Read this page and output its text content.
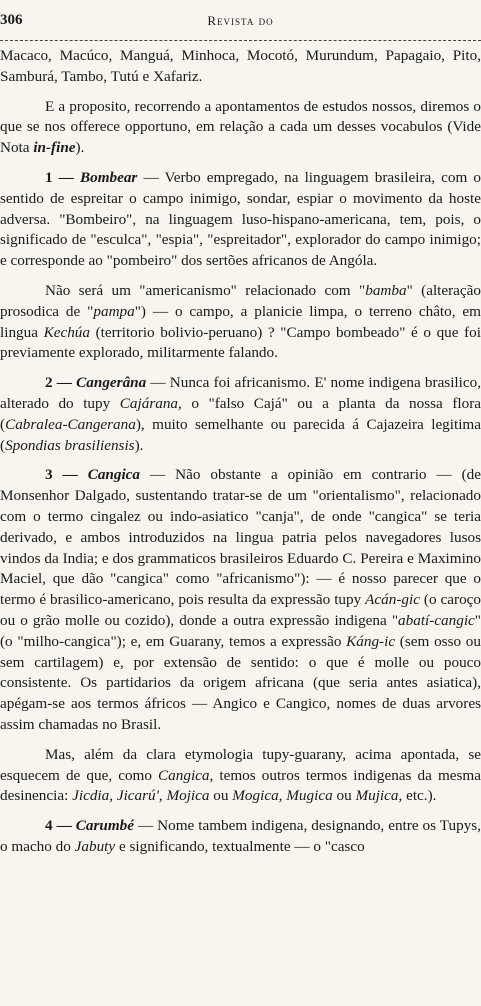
306	Revista do

Macaco, Macúco, Manguá, Minhoca, Mocotó, Murundum, Papagaio, Pito, Samburá, Tambo, Tutú e Xafariz.

E a proposito, recorrendo a apontamentos de estudos nossos, diremos o que se nos offerece opportuno, em relação a cada um desses vocabulos (Vide Nota in-fine).

1 — Bombear — Verbo empregado, na linguagem brasileira, com o sentido de espreitar o campo inimigo, sondar, espiar o movimento da hoste adversa. "Bombeiro", na linguagem luso-hispano-americana, tem, pois, o significado de "esculca", "espia", "espreitador", explorador do campo inimigo; e corresponde ao "pombeiro" dos sertões africanos de Angóla.

Não será um "americanismo" relacionado com "bamba" (alteração prosodica de "pampa") — o campo, a planicie limpa, o terreno châto, em lingua Kechúa (territorio bolivio-peruano) ? "Campo bombeado" é o que foi previamente explorado, militarmente falando.

2 — Cangerâna — Nunca foi africanismo. E' nome indigena brasilico, alterado do tupy Cajárana, o "falso Cajá" ou a planta da nossa flora (Cabralea-Cangerana), muito semelhante ou parecida á Cajazeira legitima (Spondias brasiliensis).

3 — Cangica — Não obstante a opinião em contrario — (de Monsenhor Dalgado, sustentando tratar-se de um "orientalismo", relacionado com o termo cingalez ou indo-asiatico "canja", de onde "cangica" se teria derivado, e ambos introduzidos na lingua patria pelos navegadores lusos vindos da India; e dos grammaticos brasileiros Eduardo C. Pereira e Maximino Maciel, que dão "cangica" como "africanismo"): — é nosso parecer que o termo é brasilico-americano, pois resulta da expressão tupy Acán-gic (o caroço ou o grão molle ou cozido), donde a outra expressão indigena "abatí-cangic" (o "milho-cangica"); e, em Guarany, temos a expressão Káng-ic (sem osso ou sem cartilagem) e, por extensão de sentido: o que é molle ou pouco consistente. Os partidarios da origem africana (que seria antes asiatica), apégam-se aos termos áfricos — Angico e Cangico, nomes de duas arvores assim chamadas no Brasil.

Mas, além da clara etymologia tupy-guarany, acima apontada, se esquecem de que, como Cangica, temos outros termos indigenas da mesma desinencia: Jicdia, Jicarú', Mojica ou Mogica, Mugica ou Mujica, etc.).

4 — Carumbé — Nome tambem indigena, designando, entre os Tupys, o macho do Jabuty e significando, textualmente — o "casco
